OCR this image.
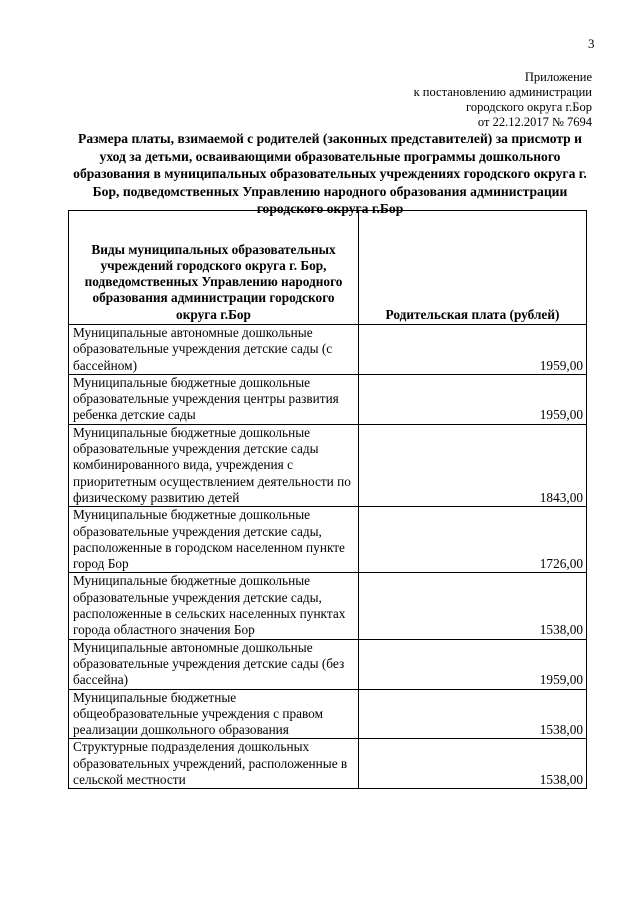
3
Приложение
к постановлению администрации
городского округа г.Бор
от 22.12.2017 № 7694
Размера платы, взимаемой с родителей (законных представителей) за присмотр и уход за детьми, осваивающими образовательные программы дошкольного образования в муниципальных образовательных учреждениях городского округа г. Бор, подведомственных Управлению народного образования администрации городского округа г.Бор
Виды муниципальных образовательных учреждений городского округа г. Бор, подведомственных Управлению народного образования администрации городского округа г.Бор	Родительская плата (рублей)
Муниципальные автономные дошкольные образовательные учреждения детские сады (с бассейном)	1959,00
Муниципальные бюджетные дошкольные образовательные учреждения центры развития ребенка детские сады	1959,00
Муниципальные бюджетные дошкольные образовательные учреждения детские сады комбинированного вида, учреждения с приоритетным осуществлением деятельности по физическому развитию детей	1843,00
Муниципальные бюджетные дошкольные образовательные учреждения детские сады, расположенные в городском населенном пункте город Бор	1726,00
Муниципальные бюджетные дошкольные образовательные учреждения детские сады, расположенные в сельских населенных пунктах города областного значения Бор	1538,00
Муниципальные автономные дошкольные образовательные учреждения детские сады (без бассейна)	1959,00
Муниципальные бюджетные общеобразовательные учреждения с правом реализации дошкольного образования	1538,00
Структурные подразделения дошкольных образовательных учреждений, расположенные в сельской местности	1538,00
